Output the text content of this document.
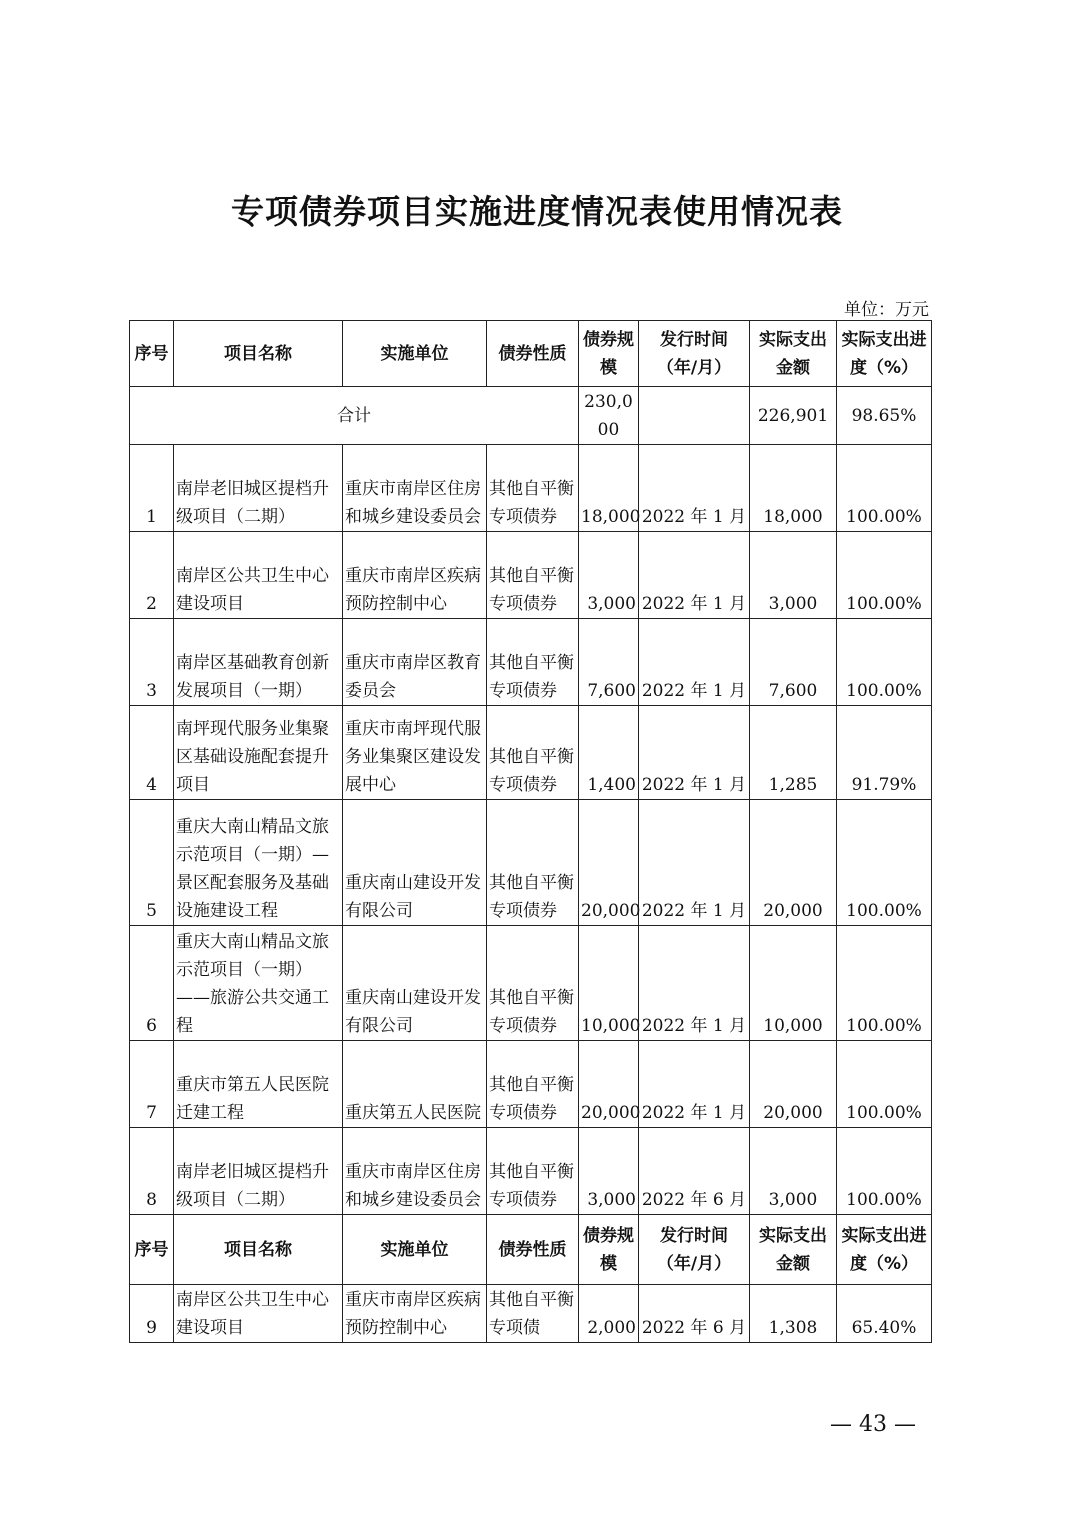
专项债券项目实施进度情况表使用情况表
单位：万元
序号	项目名称	实施单位	债券性质	债券规模	发行时间（年/月）	实际支出金额	实际支出进度（%）
合计				230,000		226,901	98.65%
1	南岸老旧城区提档升级项目（二期）	重庆市南岸区住房和城乡建设委员会	其他自平衡专项债券	18,000	2022 年 1 月	18,000	100.00%
2	南岸区公共卫生中心建设项目	重庆市南岸区疾病预防控制中心	其他自平衡专项债券	3,000	2022 年 1 月	3,000	100.00%
3	南岸区基础教育创新发展项目（一期）	重庆市南岸区教育委员会	其他自平衡专项债券	7,600	2022 年 1 月	7,600	100.00%
4	南坪现代服务业集聚区基础设施配套提升项目	重庆市南坪现代服务业集聚区建设发展中心	其他自平衡专项债券	1,400	2022 年 1 月	1,285	91.79%
5	重庆大南山精品文旅示范项目（一期）—景区配套服务及基础设施建设工程	重庆南山建设开发有限公司	其他自平衡专项债券	20,000	2022 年 1 月	20,000	100.00%
6	重庆大南山精品文旅示范项目（一期）——旅游公共交通工程	重庆南山建设开发有限公司	其他自平衡专项债券	10,000	2022 年 1 月	10,000	100.00%
7	重庆市第五人民医院迁建工程	重庆第五人民医院	其他自平衡专项债券	20,000	2022 年 1 月	20,000	100.00%
8	南岸老旧城区提档升级项目（二期）	重庆市南岸区住房和城乡建设委员会	其他自平衡专项债券	3,000	2022 年 6 月	3,000	100.00%
序号	项目名称	实施单位	债券性质	债券规模	发行时间（年/月）	实际支出金额	实际支出进度（%）
9	南岸区公共卫生中心建设项目	重庆市南岸区疾病预防控制中心	其他自平衡专项债	2,000	2022 年 6 月	1,308	65.40%
— 43 —
